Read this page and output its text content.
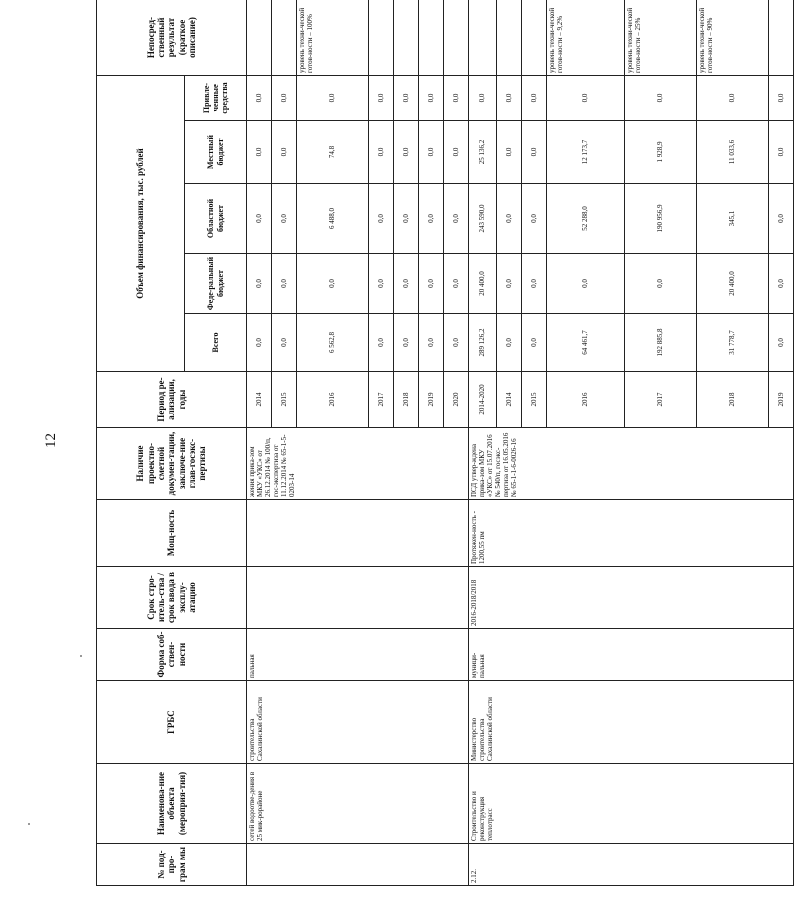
12
№ под-про-грам мы	Наименова-ние объекта (мероприя-тия)	ГРБС	Форма соб-ствен-ности	Срок стро-итель-ства / срок ввода в эксплу-атацию	Мощ-ность	Наличие проектно-сметной докумен-тации, заключе-ние глав-госэкс-пертизы	Период ре-ализации, годы	Объем финансирования, тыс. рублей					Непосред-ственный результат (краткое описание)
								Всего	Феде-ральный бюджет	Областной бюджет	Местный бюджет	Привле-ченные средства	
	сетей водоотве-дения в 25 мик-рорайоне	строительства Сахалинской области	пальная			жения прика-зом МКУ «УКС» от 26.12.2014 № 100/п, гос-экспертиза от 11.12.2014 № 65-1-5-0203-14	2014	0,0	0,0	0,0	0,0	0,0	
							2015	0,0	0,0	0,0	0,0	0,0	
							2016	6 562,8	0,0	6 488,0	74,8	0,0	уровень техни-ческой готов-ности – 100%
							2017	0,0	0,0	0,0	0,0	0,0	
							2018	0,0	0,0	0,0	0,0	0,0	
							2019	0,0	0,0	0,0	0,0	0,0	
							2020	0,0	0,0	0,0	0,0	0,0	
2.12.	Строительство и реконструкция теплотрасс	Министерство строительства Сахалинской области	муници-пальная	2016-2018/2018	Протяжен-ность - 1200,55 пм	ПСД утвер-ждена прика-зом МКУ «УКС» от 15.07.2016 № 540/п, госэкс-пертиза от 16.05.2016 № 65-1-1-6-0026-16	2014-2020	289 126,2	20 400,0	243 590,0	25 136,2	0,0	
							2014	0,0	0,0	0,0	0,0	0,0	
							2015	0,0	0,0	0,0	0,0	0,0	
							2016	64 461,7	0,0	52 288,0	12 173,7	0,0	уровень техни-ческой готов-ности – 9,2%
							2017	192 885,8	0,0	190 956,9	1 928,9	0,0	уровень техни-ческой готов-ности – 25%
							2018	31 778,7	20 400,0	345,1	11 033,6	0,0	уровень техни-ческой готов-ности – 90%
							2019	0,0	0,0	0,0	0,0	0,0	
